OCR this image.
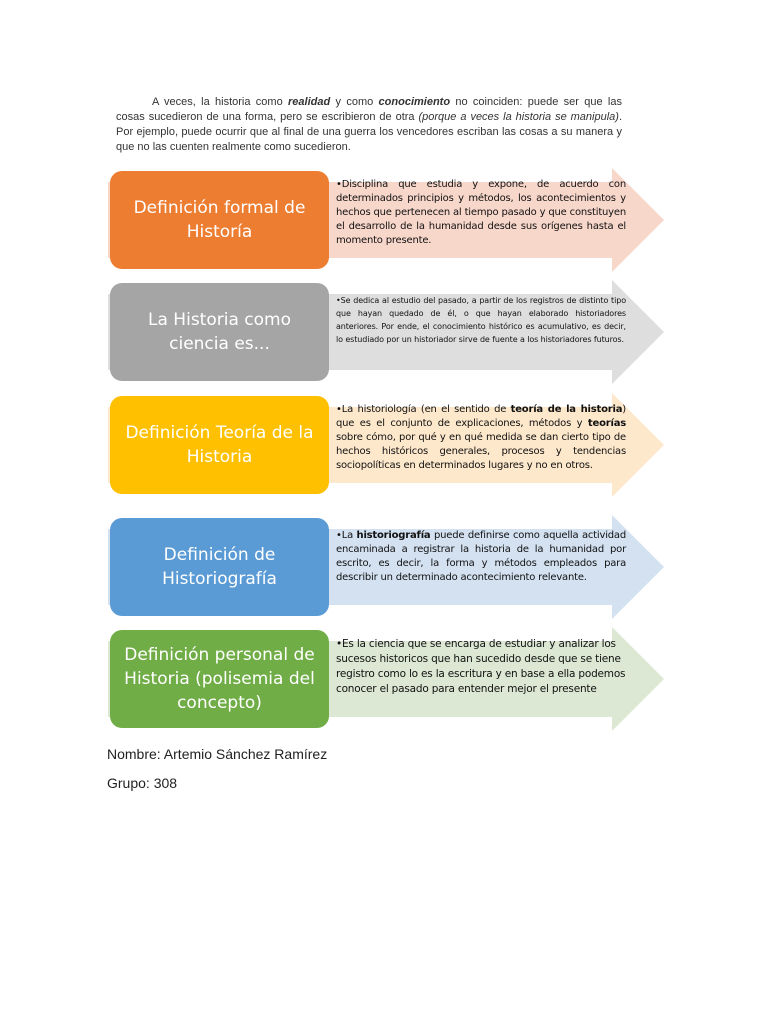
A veces, la historia como realidad y como conocimiento no coinciden: puede ser que las cosas sucedieron de una forma, pero se escribieron de otra (porque a veces la historia se manipula). Por ejemplo, puede ocurrir que al final de una guerra los vencedores escriban las cosas a su manera y que no las cuenten realmente como sucedieron.

Definición formal de Historía

•Disciplina que estudia y expone, de acuerdo con determinados principios y métodos, los acontecimientos y hechos que pertenecen al tiempo pasado y que constituyen el desarrollo de la humanidad desde sus orígenes hasta el momento presente.

La Historia como ciencia es...

•Se dedica al estudio del pasado, a partir de los registros de distinto tipo que hayan quedado de él, o que hayan elaborado historiadores anteriores. Por ende, el conocimiento histórico es acumulativo, es decir, lo estudiado por un historiador sirve de fuente a los historiadores futuros.

Definición Teoría de la Historia

•La historiología (en el sentido de teoría de la historia) que es el conjunto de explicaciones, métodos y teorías sobre cómo, por qué y en qué medida se dan cierto tipo de hechos históricos generales, procesos y tendencias sociopolíticas en determinados lugares y no en otros.

Definición de Historiografía

•La historiografía puede definirse como aquella actividad encaminada a registrar la historia de la humanidad por escrito, es decir, la forma y métodos empleados para describir un determinado acontecimiento relevante.

Definición personal de Historia (polisemia del concepto)

•Es la ciencia que se encarga de estudiar y analizar los sucesos historicos que han sucedido desde que se tiene registro como lo es la escritura y en base a ella podemos conocer el pasado para entender mejor el presente

Nombre: Artemio Sánchez Ramírez
Grupo: 308
